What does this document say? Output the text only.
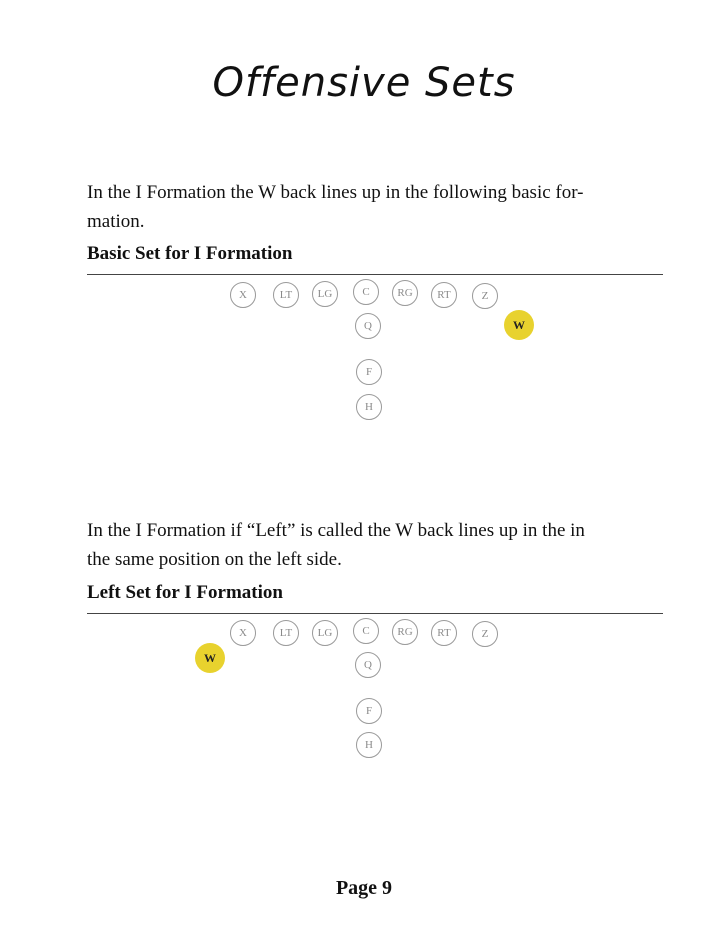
Offensive Sets
In the I Formation the W back lines up in the following basic for-
mation.
Basic Set for I Formation
X	LT	LG	C	RG	RT	Z
Q	W
F
H
In the I Formation if “Left” is called the W back lines up in the in
the same position on the left side.
Left Set for I Formation
X	LT	LG	C	RG	RT	Z
W
Q
F
H
Page 9
